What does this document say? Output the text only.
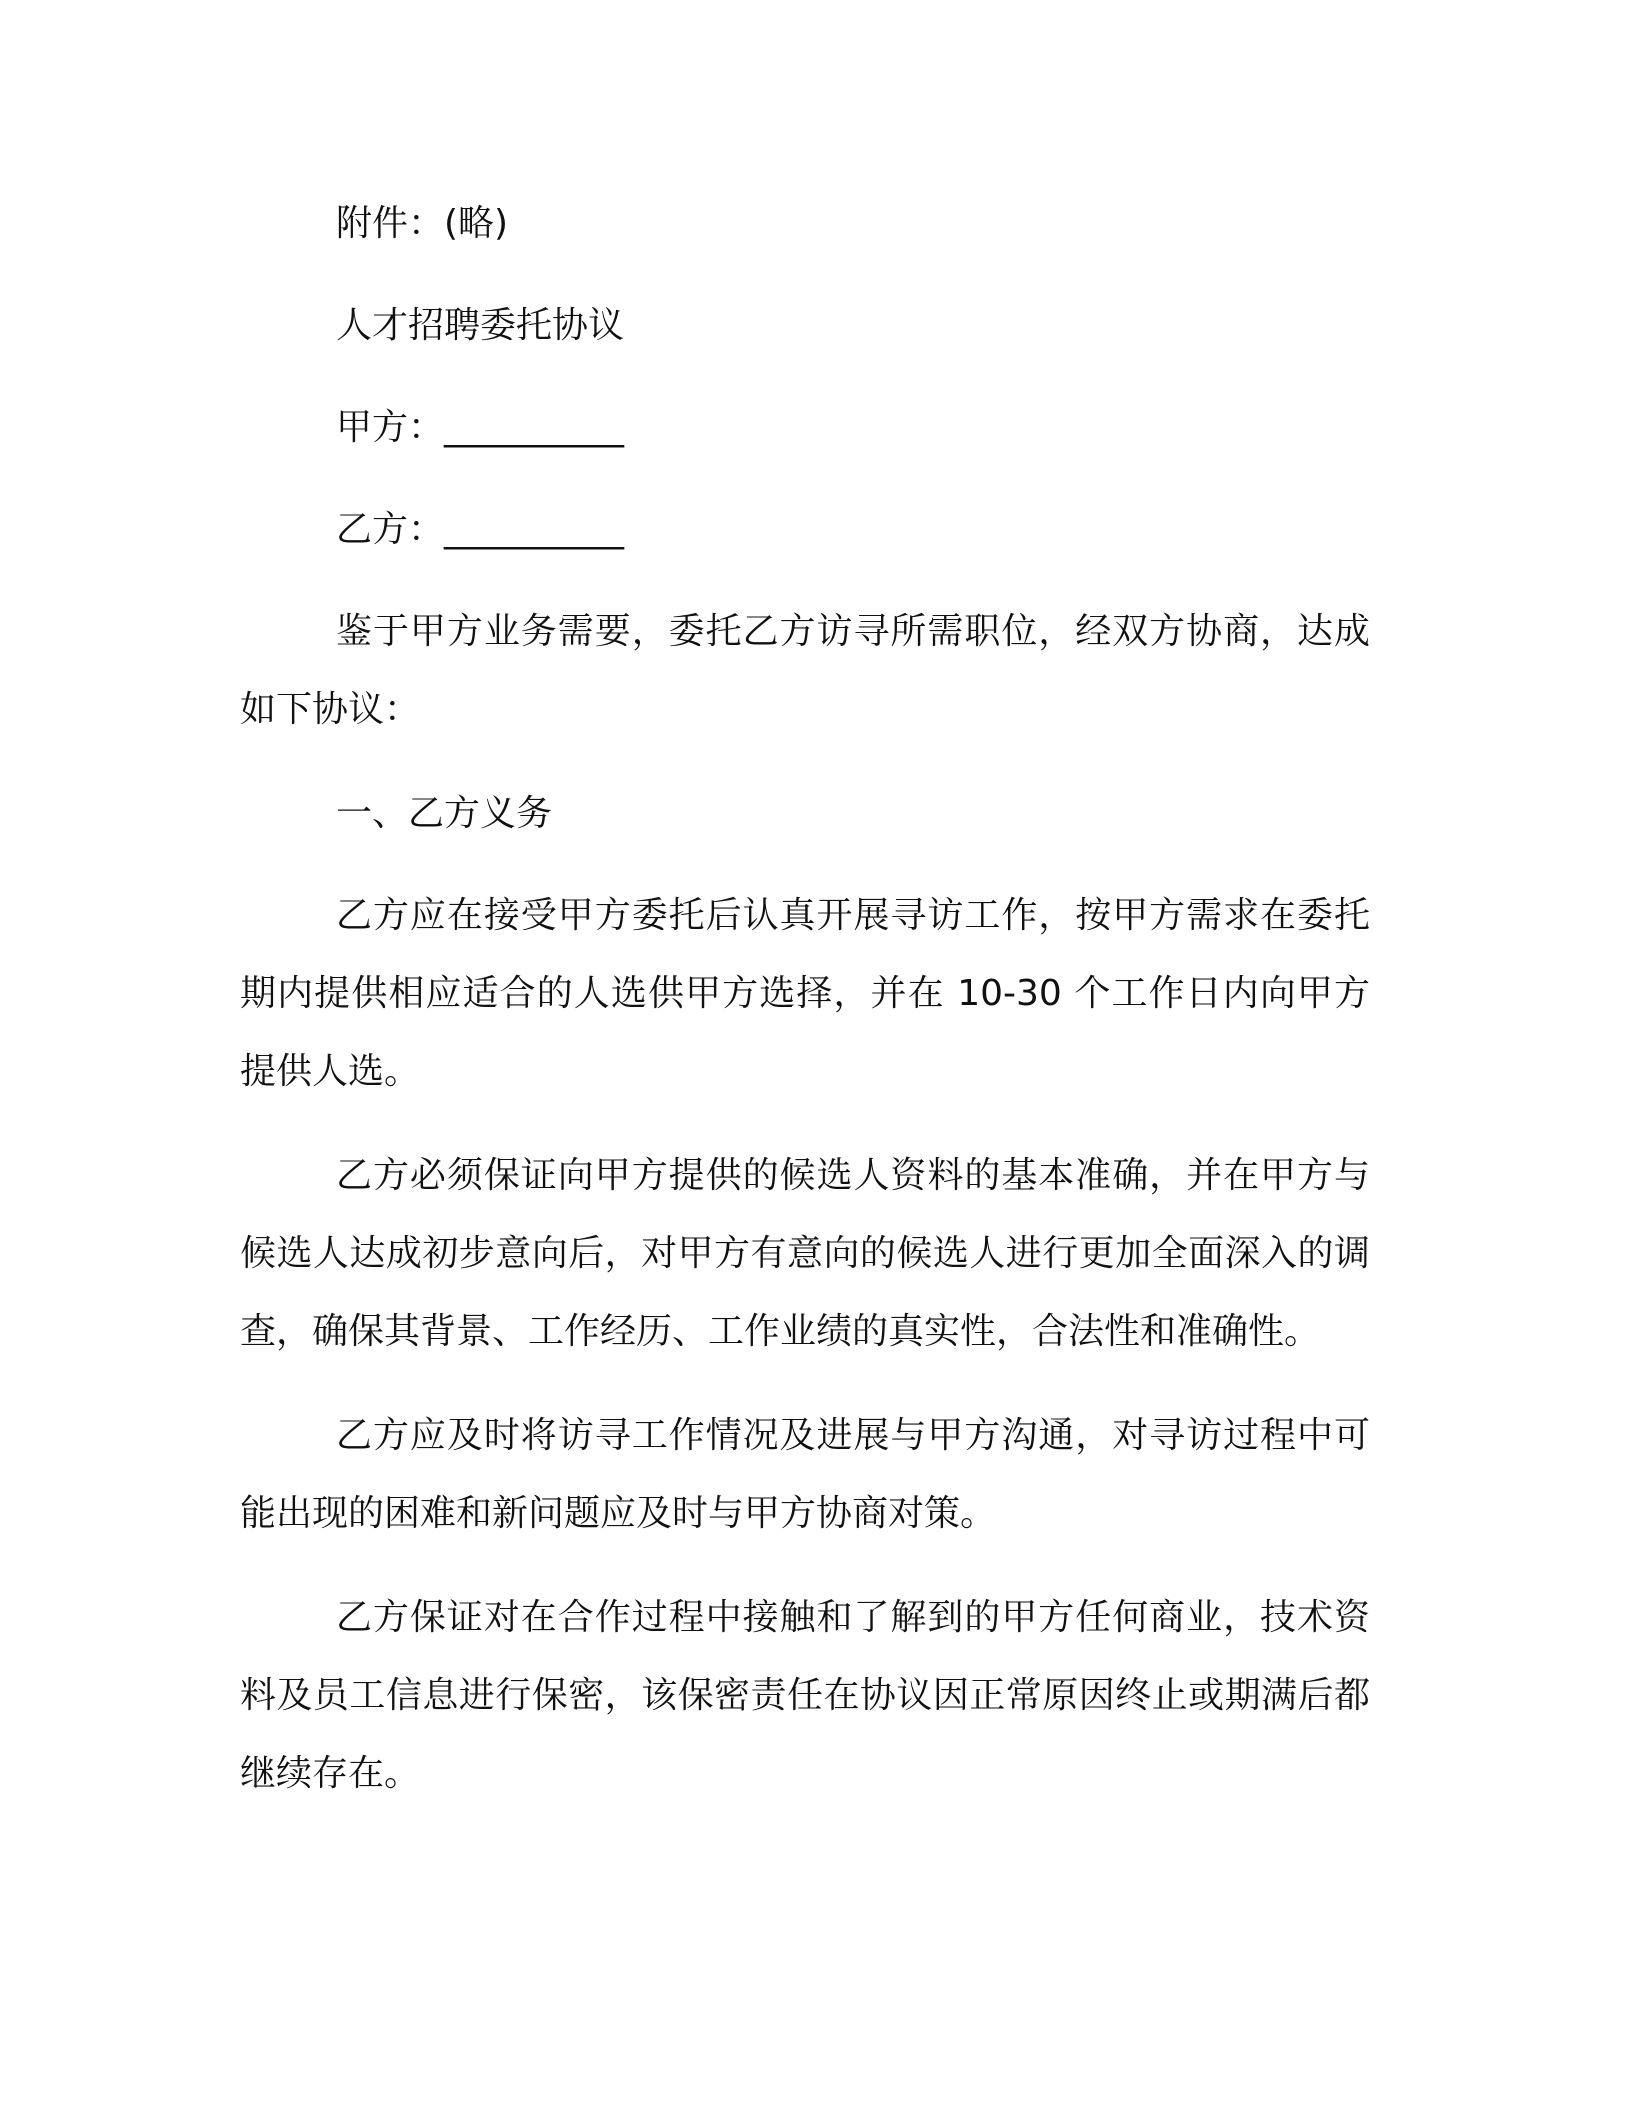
附件：(略)

人才招聘委托协议

甲方：__________

乙方：__________

鉴于甲方业务需要，委托乙方访寻所需职位，经双方协商，达成如下协议：

一、乙方义务

乙方应在接受甲方委托后认真开展寻访工作，按甲方需求在委托期内提供相应适合的人选供甲方选择，并在 10-30 个工作日内向甲方提供人选。

乙方必须保证向甲方提供的候选人资料的基本准确，并在甲方与候选人达成初步意向后，对甲方有意向的候选人进行更加全面深入的调查，确保其背景、工作经历、工作业绩的真实性，合法性和准确性。

乙方应及时将访寻工作情况及进展与甲方沟通，对寻访过程中可能出现的困难和新问题应及时与甲方协商对策。

乙方保证对在合作过程中接触和了解到的甲方任何商业，技术资料及员工信息进行保密，该保密责任在协议因正常原因终止或期满后都继续存在。
